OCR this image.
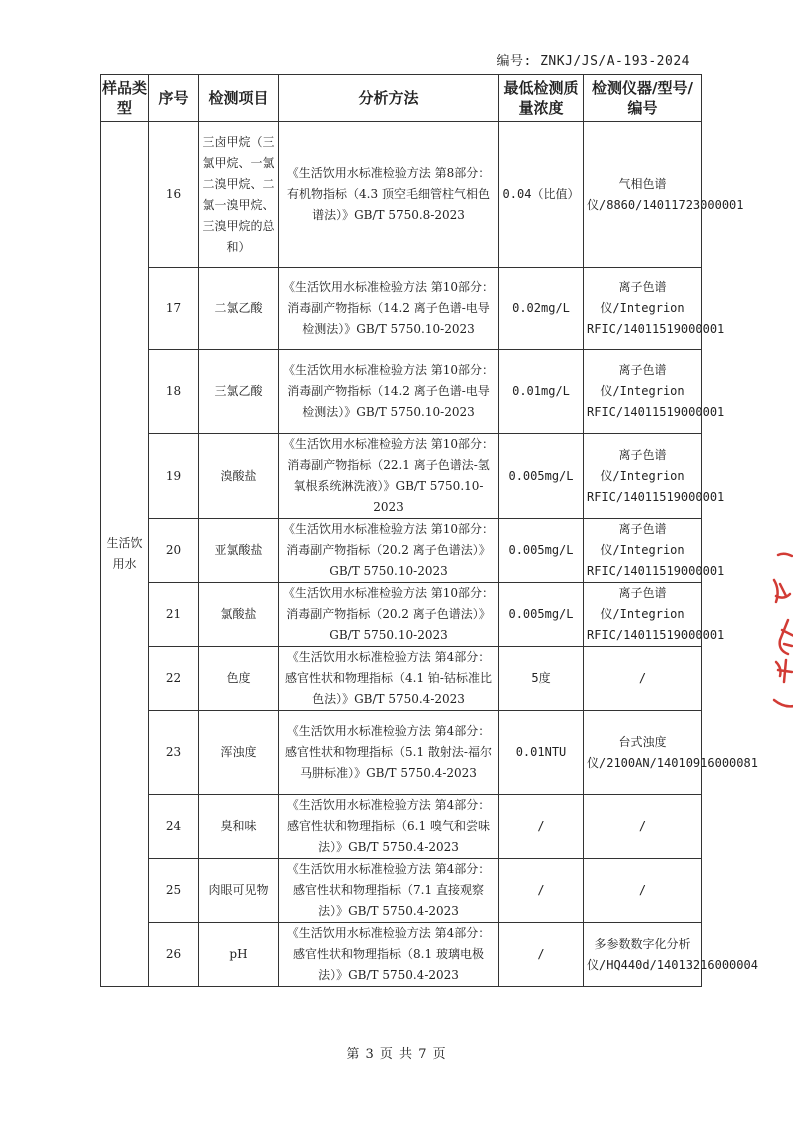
编号: ZNKJ/JS/A-193-2024
样品类型	序号	检测项目	分析方法	最低检测质量浓度	检测仪器/型号/编号
生活饮用水	16	三卤甲烷（三氯甲烷、一氯二溴甲烷、二氯一溴甲烷、三溴甲烷的总和）	《生活饮用水标准检验方法 第8部分：有机物指标（4.3 顶空毛细管柱气相色谱法）》GB/T 5750.8-2023	0.04（比值）	气相色谱仪/8860/14011723000001
	17	二氯乙酸	《生活饮用水标准检验方法 第10部分：消毒副产物指标（14.2 离子色谱-电导检测法）》GB/T 5750.10-2023	0.02mg/L	离子色谱仪/Integrion RFIC/14011519000001
	18	三氯乙酸	《生活饮用水标准检验方法 第10部分：消毒副产物指标（14.2 离子色谱-电导检测法）》GB/T 5750.10-2023	0.01mg/L	离子色谱仪/Integrion RFIC/14011519000001
	19	溴酸盐	《生活饮用水标准检验方法 第10部分：消毒副产物指标（22.1 离子色谱法-氢氧根系统淋洗液）》GB/T 5750.10-2023	0.005mg/L	离子色谱仪/Integrion RFIC/14011519000001
	20	亚氯酸盐	《生活饮用水标准检验方法 第10部分：消毒副产物指标（20.2 离子色谱法）》GB/T 5750.10-2023	0.005mg/L	离子色谱仪/Integrion RFIC/14011519000001
	21	氯酸盐	《生活饮用水标准检验方法 第10部分：消毒副产物指标（20.2 离子色谱法）》GB/T 5750.10-2023	0.005mg/L	离子色谱仪/Integrion RFIC/14011519000001
	22	色度	《生活饮用水标准检验方法 第4部分：感官性状和物理指标（4.1 铂-钴标准比色法）》GB/T 5750.4-2023	5度	/
	23	浑浊度	《生活饮用水标准检验方法 第4部分：感官性状和物理指标（5.1 散射法-福尔马肼标准）》GB/T 5750.4-2023	0.01NTU	台式浊度仪/2100AN/14010916000081
	24	臭和味	《生活饮用水标准检验方法 第4部分：感官性状和物理指标（6.1 嗅气和尝味法）》GB/T 5750.4-2023	/	/
	25	肉眼可见物	《生活饮用水标准检验方法 第4部分：感官性状和物理指标（7.1 直接观察法）》GB/T 5750.4-2023	/	/
	26	pH	《生活饮用水标准检验方法 第4部分：感官性状和物理指标（8.1 玻璃电极法）》GB/T 5750.4-2023	/	多参数数字化分析仪/HQ440d/14013216000004
第 3 页 共 7 页
